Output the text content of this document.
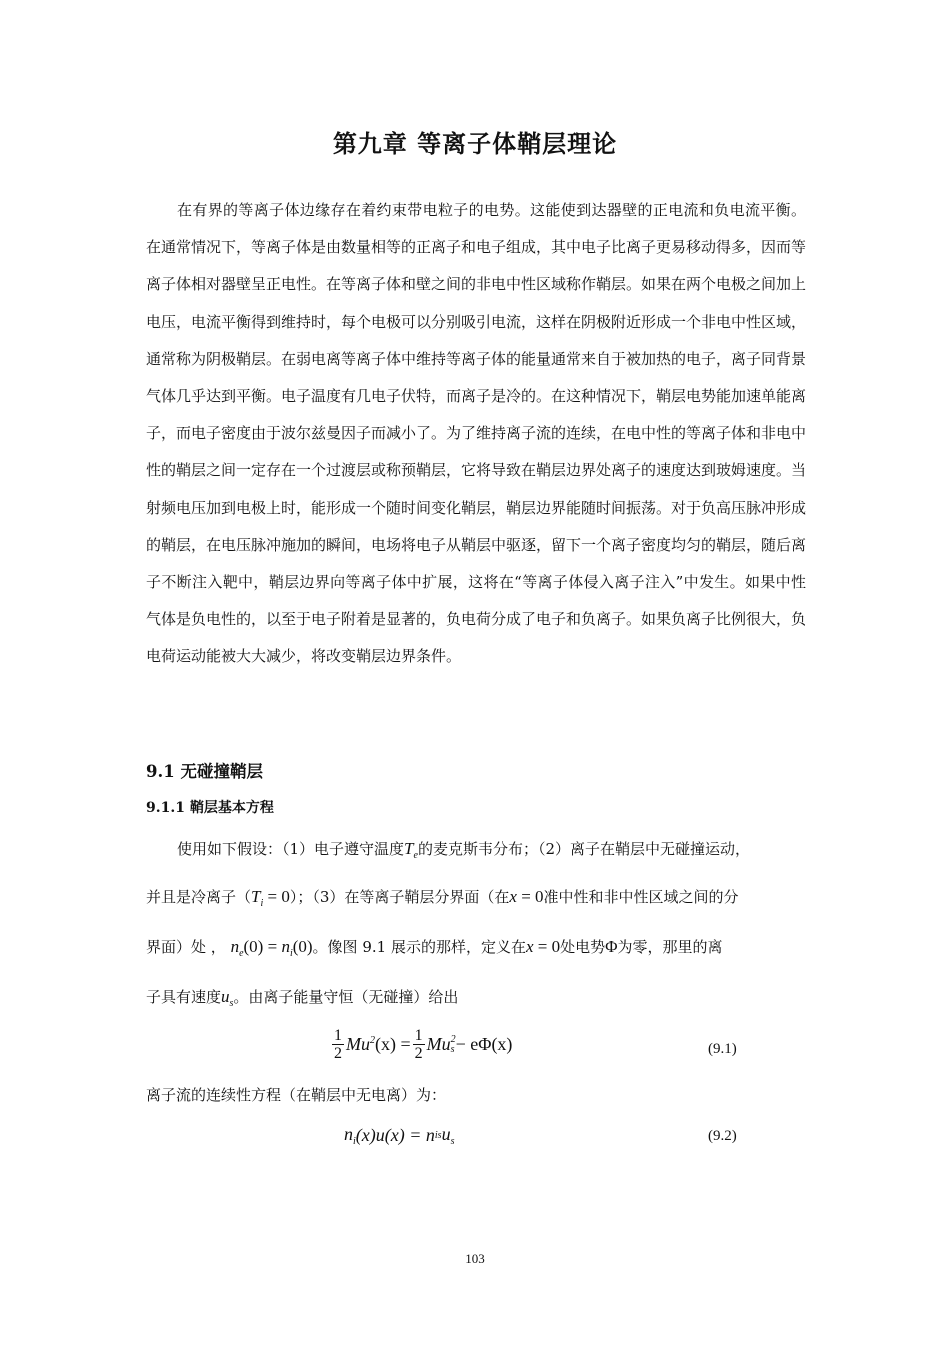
第九章 等离子体鞘层理论

在有界的等离子体边缘存在着约束带电粒子的电势。这能使到达器壁的正电流和负电流平衡。在通常情况下，等离子体是由数量相等的正离子和电子组成，其中电子比离子更易移动得多，因而等离子体相对器壁呈正电性。在等离子体和壁之间的非电中性区域称作鞘层。如果在两个电极之间加上电压，电流平衡得到维持时，每个电极可以分别吸引电流，这样在阴极附近形成一个非电中性区域，通常称为阴极鞘层。在弱电离等离子体中维持等离子体的能量通常来自于被加热的电子，离子同背景气体几乎达到平衡。电子温度有几电子伏特，而离子是冷的。在这种情况下，鞘层电势能加速单能离子，而电子密度由于波尔兹曼因子而减小了。为了维持离子流的连续，在电中性的等离子体和非电中性的鞘层之间一定存在一个过渡层或称预鞘层，它将导致在鞘层边界处离子的速度达到玻姆速度。当射频电压加到电极上时，能形成一个随时间变化鞘层，鞘层边界能随时间振荡。对于负高压脉冲形成的鞘层，在电压脉冲施加的瞬间，电场将电子从鞘层中驱逐，留下一个离子密度均匀的鞘层，随后离子不断注入靶中，鞘层边界向等离子体中扩展，这将在“等离子体侵入离子注入”中发生。如果中性气体是负电性的，以至于电子附着是显著的，负电荷分成了电子和负离子。如果负离子比例很大，负电荷运动能被大大减少，将改变鞘层边界条件。

9.1 无碰撞鞘层
9.1.1 鞘层基本方程
使用如下假设：（1）电子遵守温度$T_e$的麦克斯韦分布；（2）离子在鞘层中无碰撞运动，
并且是冷离子$(T_i = 0)$；（3）在等离子鞘层分界面（在x = 0准中性和非中性区域之间的分
界面）处 ， $n_e(0) = n_i(0)$。像图 9.1 展示的那样，定义在x = 0处电势Φ为零，那里的离
子具有速度$u_s$。由离子能量守恒（无碰撞）给出
$\frac{1}{2} Mu^2$ $(x) = \frac{1}{2}$ Mu 2
s − eΦ(x)	(9.1)
离子流的连续性方程（在鞘层中无电离）为：
$n_i$ (x)u(x) = n is $u_s$	(9.2)
103
